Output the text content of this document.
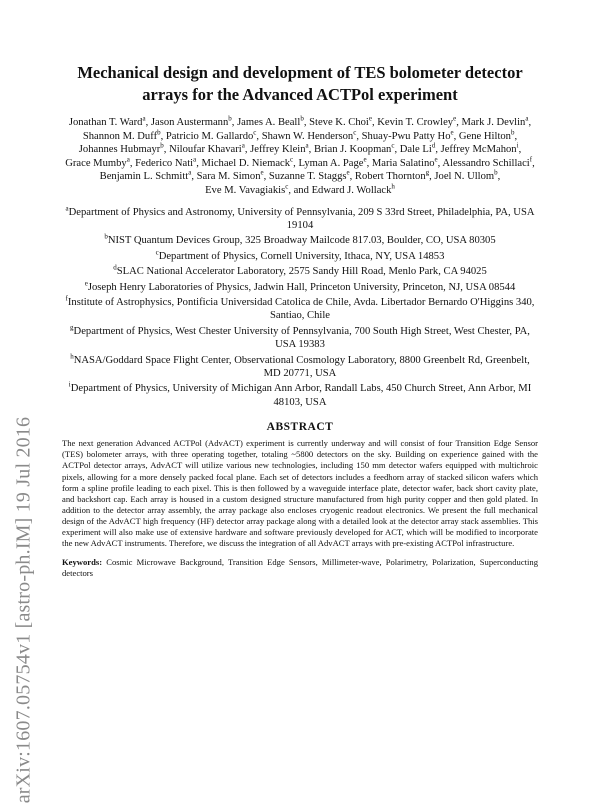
arXiv:1607.05754v1 [astro-ph.IM] 19 Jul 2016
Mechanical design and development of TES bolometer detector arrays for the Advanced ACTPol experiment
Jonathan T. Ward$^a$, Jason Austermann$^b$, James A. Beall$^b$, Steve K. Choi$^e$, Kevin T. Crowley$^e$, Mark J. Devlin$^a$, Shannon M. Duff$^b$, Patricio M. Gallardo$^c$, Shawn W. Henderson$^c$, Shuay-Pwu Patty Ho$^e$, Gene Hilton$^b$, Johannes Hubmayr$^b$, Niloufar Khavari$^a$, Jeffrey Klein$^a$, Brian J. Koopman$^c$, Dale Li$^d$, Jeffrey McMahon$^i$, Grace Mumby$^a$, Federico Nati$^a$, Michael D. Niemack$^c$, Lyman A. Page$^e$, Maria Salatino$^e$, Alessandro Schillaci$^f$, Benjamin L. Schmitt$^a$, Sara M. Simon$^e$, Suzanne T. Staggs$^e$, Robert Thornton$^g$, Joel N. Ullom$^b$, Eve M. Vavagiakis$^c$, and Edward J. Wollack$^h$
$^a$Department of Physics and Astronomy, University of Pennsylvania, 209 S 33rd Street, Philadelphia, PA, USA 19104
$^b$NIST Quantum Devices Group, 325 Broadway Mailcode 817.03, Boulder, CO, USA 80305
$^c$Department of Physics, Cornell University, Ithaca, NY, USA 14853
$^d$SLAC National Accelerator Laboratory, 2575 Sandy Hill Road, Menlo Park, CA 94025
$^e$Joseph Henry Laboratories of Physics, Jadwin Hall, Princeton University, Princeton, NJ, USA 08544
$^f$Institute of Astrophysics, Pontificia Universidad Catolica de Chile, Avda. Libertador Bernardo O'Higgins 340, Santiao, Chile
$^g$Department of Physics, West Chester University of Pennsylvania, 700 South High Street, West Chester, PA, USA 19383
$^h$NASA/Goddard Space Flight Center, Observational Cosmology Laboratory, 8800 Greenbelt Rd, Greenbelt, MD 20771, USA
$^i$Department of Physics, University of Michigan Ann Arbor, Randall Labs, 450 Church Street, Ann Arbor, MI 48103, USA
ABSTRACT
The next generation Advanced ACTPol (AdvACT) experiment is currently underway and will consist of four Transition Edge Sensor (TES) bolometer arrays, with three operating together, totaling ~5800 detectors on the sky. Building on experience gained with the ACTPol detector arrays, AdvACT will utilize various new technologies, including 150 mm detector wafers equipped with multichroic pixels, allowing for a more densely packed focal plane. Each set of detectors includes a feedhorn array of stacked silicon wafers which form a spline profile leading to each pixel. This is then followed by a waveguide interface plate, detector wafer, back short cavity plate, and backshort cap. Each array is housed in a custom designed structure manufactured from high purity copper and then gold plated. In addition to the detector array assembly, the array package also encloses cryogenic readout electronics. We present the full mechanical design of the AdvACT high frequency (HF) detector array package along with a detailed look at the detector array stack assemblies. This experiment will also make use of extensive hardware and software previously developed for ACT, which will be modified to incorporate the new AdvACT instruments. Therefore, we discuss the integration of all AdvACT arrays with pre-existing ACTPol infrastructure.
Keywords: Cosmic Microwave Background, Transition Edge Sensors, Millimeter-wave, Polarimetry, Polarization, Superconducting detectors
